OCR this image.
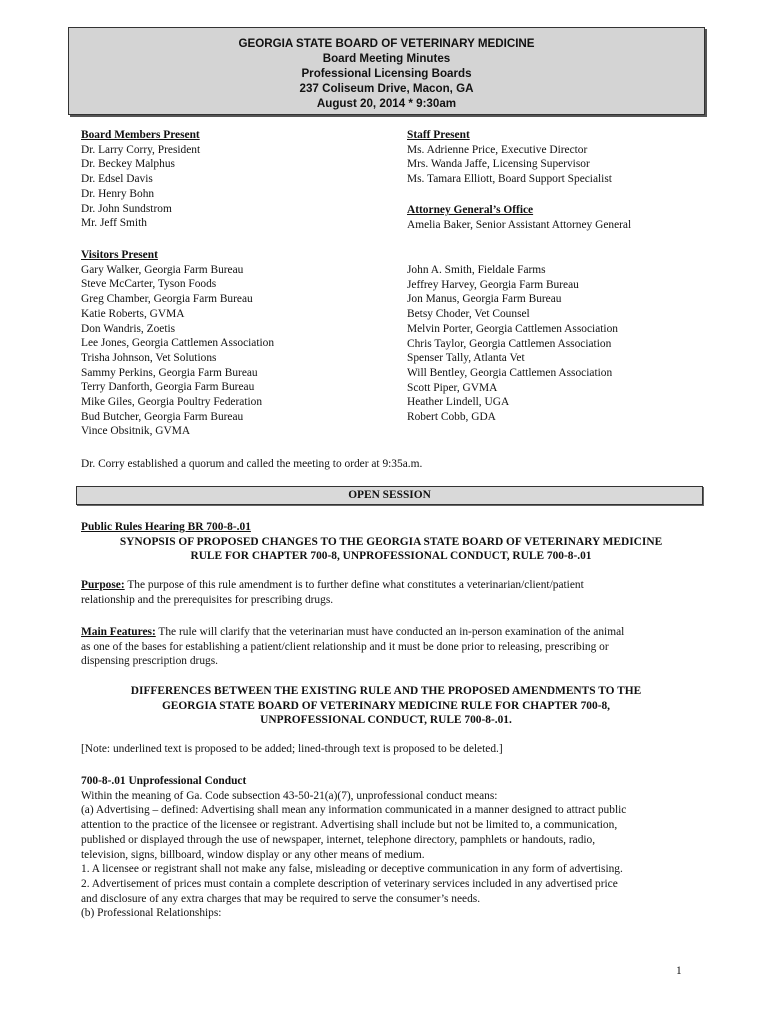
GEORGIA STATE BOARD OF VETERINARY MEDICINE
Board Meeting Minutes
Professional Licensing Boards
237 Coliseum Drive, Macon, GA
August 20, 2014 * 9:30am
Board Members Present
Dr. Larry Corry, President
Dr. Beckey Malphus
Dr. Edsel Davis
Dr. Henry Bohn
Dr. John Sundstrom
Mr. Jeff Smith
Staff Present
Ms. Adrienne Price, Executive Director
Mrs. Wanda Jaffe, Licensing Supervisor
Ms. Tamara Elliott, Board Support Specialist
Attorney General’s Office
Amelia Baker, Senior Assistant Attorney General
Visitors Present
Gary Walker, Georgia Farm Bureau
Steve McCarter, Tyson Foods
Greg Chamber, Georgia Farm Bureau
Katie Roberts, GVMA
Don Wandris, Zoetis
Lee Jones, Georgia Cattlemen Association
Trisha Johnson, Vet Solutions
Sammy Perkins, Georgia Farm Bureau
Terry Danforth, Georgia Farm Bureau
Mike Giles, Georgia Poultry Federation
Bud Butcher, Georgia Farm Bureau
Vince Obsitnik, GVMA
John A. Smith, Fieldale Farms
Jeffrey Harvey, Georgia Farm Bureau
Jon Manus, Georgia Farm Bureau
Betsy Choder, Vet Counsel
Melvin Porter, Georgia Cattlemen Association
Chris Taylor, Georgia Cattlemen Association
Spenser Tally, Atlanta Vet
Will Bentley, Georgia Cattlemen Association
Scott Piper, GVMA
Heather Lindell, UGA
Robert Cobb, GDA
Dr. Corry established a quorum and called the meeting to order at 9:35a.m.
OPEN SESSION
Public Rules Hearing BR 700-8-.01
SYNOPSIS OF PROPOSED CHANGES TO THE GEORGIA STATE BOARD OF VETERINARY MEDICINE
RULE FOR CHAPTER 700-8, UNPROFESSIONAL CONDUCT, RULE 700-8-.01
Purpose: The purpose of this rule amendment is to further define what constitutes a veterinarian/client/patient
relationship and the prerequisites for prescribing drugs.
Main Features: The rule will clarify that the veterinarian must have conducted an in-person examination of the animal
as one of the bases for establishing a patient/client relationship and it must be done prior to releasing, prescribing or
dispensing prescription drugs.
DIFFERENCES BETWEEN THE EXISTING RULE AND THE PROPOSED AMENDMENTS TO THE
GEORGIA STATE BOARD OF VETERINARY MEDICINE RULE FOR CHAPTER 700-8,
UNPROFESSIONAL CONDUCT, RULE 700-8-.01.
[Note: underlined text is proposed to be added; lined-through text is proposed to be deleted.]
700-8-.01 Unprofessional Conduct
Within the meaning of Ga. Code subsection 43-50-21(a)(7), unprofessional conduct means:
(a) Advertising – defined: Advertising shall mean any information communicated in a manner designed to attract public
attention to the practice of the licensee or registrant. Advertising shall include but not be limited to, a communication,
published or displayed through the use of newspaper, internet, telephone directory, pamphlets or handouts, radio,
television, signs, billboard, window display or any other means of medium.
1. A licensee or registrant shall not make any false, misleading or deceptive communication in any form of advertising.
2. Advertisement of prices must contain a complete description of veterinary services included in any advertised price
and disclosure of any extra charges that may be required to serve the consumer’s needs.
(b) Professional Relationships:
1
